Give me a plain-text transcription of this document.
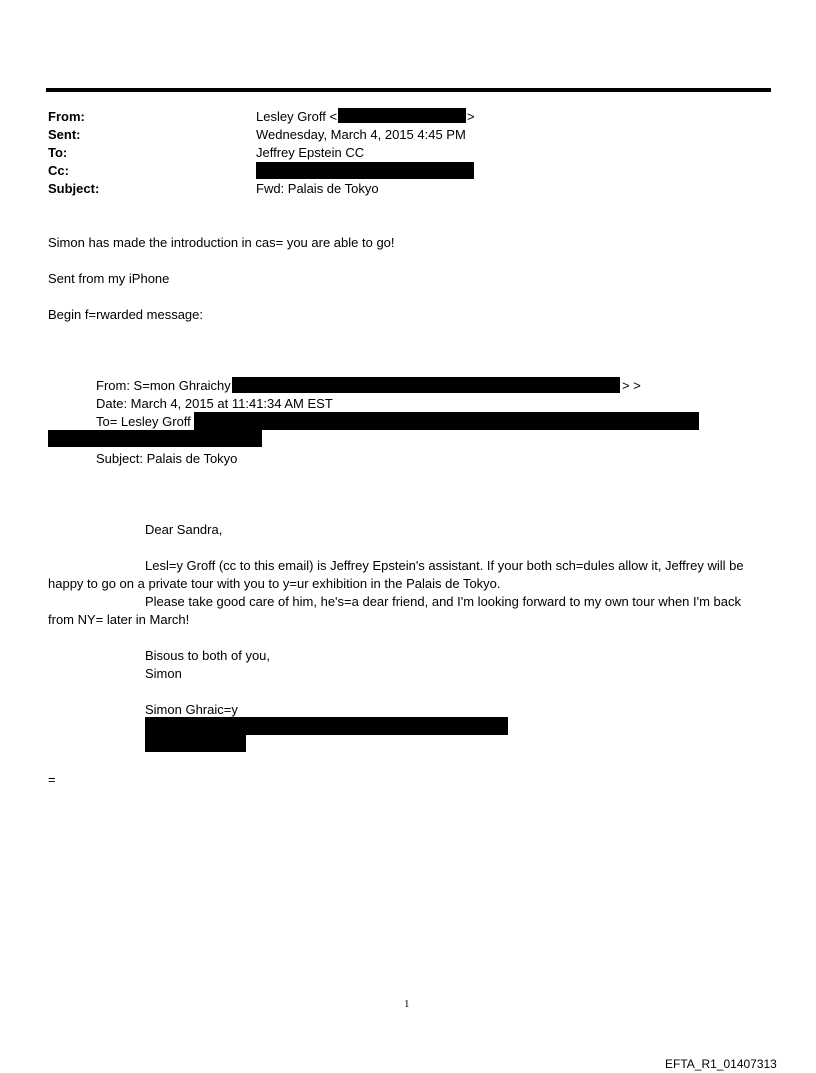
From:	Lesley Groff <	>
Sent:	Wednesday, March 4, 2015 4:45 PM
To:	Jeffrey Epstein CC
Cc:
Subject:	Fwd: Palais de Tokyo
Simon has made the introduction in cas= you are able to go!
Sent from my iPhone
Begin f=rwarded message:
From: S=mon Ghraichy	> >
Date: March 4, 2015 at 11:41:34 AM EST
To= Lesley Groff
Subject: Palais de Tokyo
Dear Sandra,
Lesl=y Groff (cc to this email) is Jeffrey Epstein's assistant. If your both sch=dules allow it, Jeffrey will be
happy to go on a private tour with you to y=ur exhibition in the Palais de Tokyo.
Please take good care of him, he's=a dear friend, and I'm looking forward to my own tour when I'm back
from NY= later in March!
Bisous to both of you,
Simon
Simon Ghraic=y
=
1
EFTA_R1_01407313
